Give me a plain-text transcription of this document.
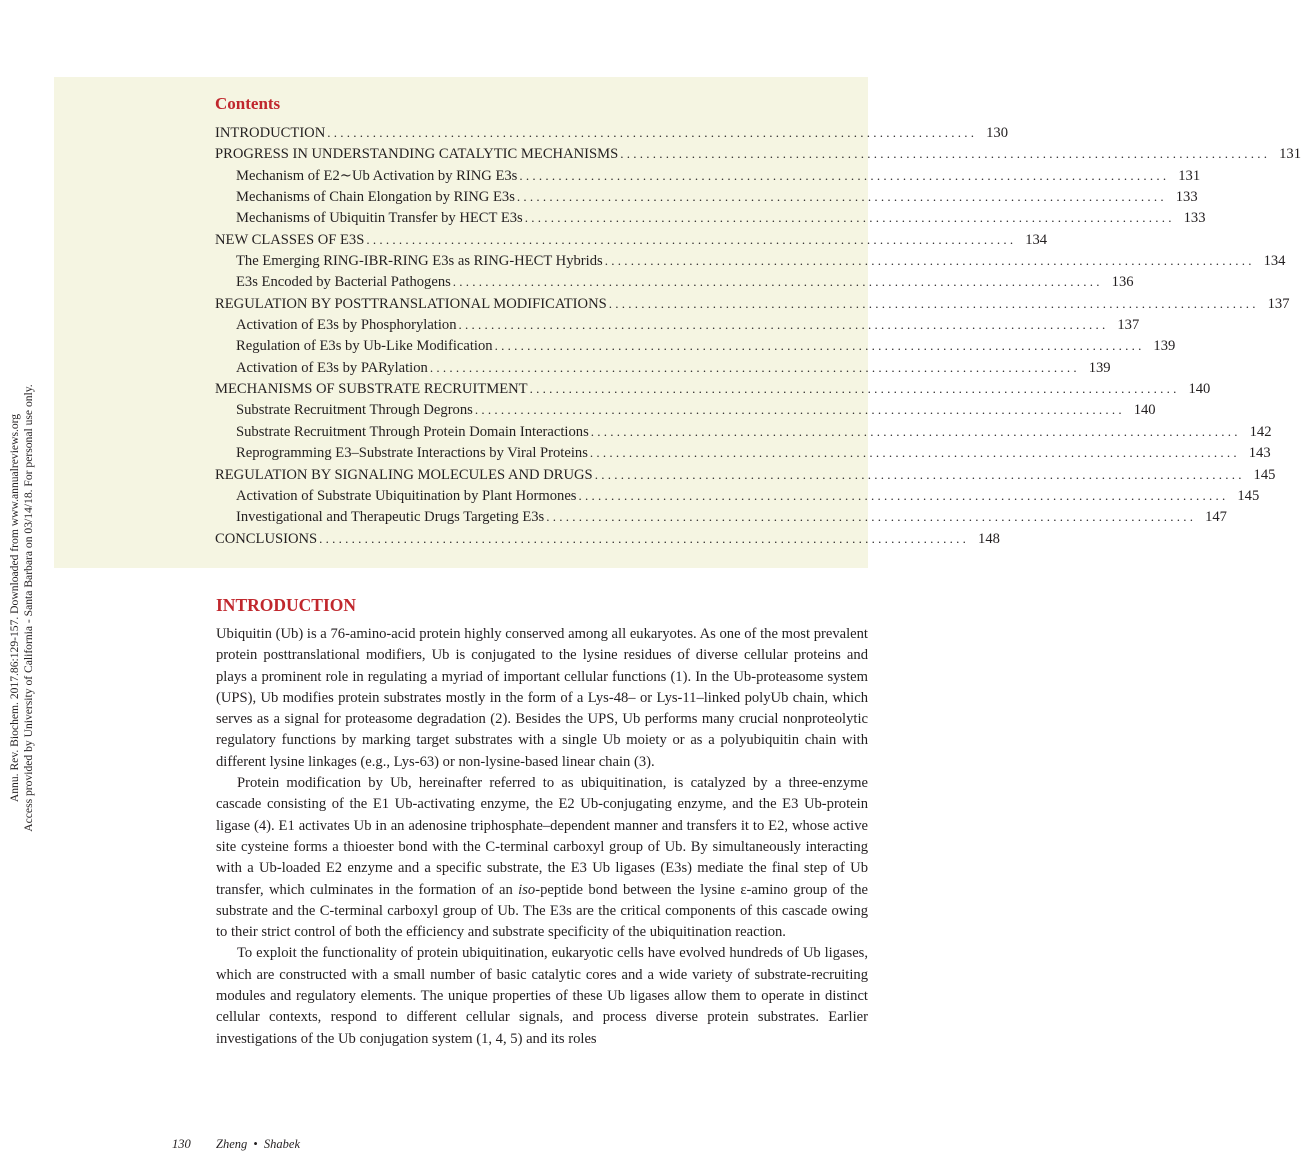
Annu. Rev. Biochem. 2017.86:129-157. Downloaded from www.annualreviews.org Access provided by University of California - Santa Barbara on 03/14/18. For personal use only.
Contents
INTRODUCTION . . .	130
PROGRESS IN UNDERSTANDING CATALYTIC MECHANISMS . . .	131
Mechanism of E2∼Ub Activation by RING E3s . . .	131
Mechanisms of Chain Elongation by RING E3s . . .	133
Mechanisms of Ubiquitin Transfer by HECT E3s . . .	133
NEW CLASSES OF E3S . . .	134
The Emerging RING-IBR-RING E3s as RING-HECT Hybrids . . .	134
E3s Encoded by Bacterial Pathogens . . .	136
REGULATION BY POSTTRANSLATIONAL MODIFICATIONS . . .	137
Activation of E3s by Phosphorylation . . .	137
Regulation of E3s by Ub-Like Modification . . .	139
Activation of E3s by PARylation . . .	139
MECHANISMS OF SUBSTRATE RECRUITMENT . . .	140
Substrate Recruitment Through Degrons . . .	140
Substrate Recruitment Through Protein Domain Interactions . . .	142
Reprogramming E3–Substrate Interactions by Viral Proteins . . .	143
REGULATION BY SIGNALING MOLECULES AND DRUGS . . .	145
Activation of Substrate Ubiquitination by Plant Hormones . . .	145
Investigational and Therapeutic Drugs Targeting E3s . . .	147
CONCLUSIONS . . .	148
INTRODUCTION

Ubiquitin (Ub) is a 76-amino-acid protein highly conserved among all eukaryotes. As one of the most prevalent protein posttranslational modifiers, Ub is conjugated to the lysine residues of diverse cellular proteins and plays a prominent role in regulating a myriad of important cellular functions (1). In the Ub-proteasome system (UPS), Ub modifies protein substrates mostly in the form of a Lys-48– or Lys-11–linked polyUb chain, which serves as a signal for proteasome degradation (2). Besides the UPS, Ub performs many crucial nonproteolytic regulatory functions by marking target substrates with a single Ub moiety or as a polyubiquitin chain with different lysine linkages (e.g., Lys-63) or non-lysine-based linear chain (3).

Protein modification by Ub, hereinafter referred to as ubiquitination, is catalyzed by a three-enzyme cascade consisting of the E1 Ub-activating enzyme, the E2 Ub-conjugating enzyme, and the E3 Ub-protein ligase (4). E1 activates Ub in an adenosine triphosphate–dependent manner and transfers it to E2, whose active site cysteine forms a thioester bond with the C-terminal carboxyl group of Ub. By simultaneously interacting with a Ub-loaded E2 enzyme and a specific substrate, the E3 Ub ligases (E3s) mediate the final step of Ub transfer, which culminates in the formation of an iso-peptide bond between the lysine ε-amino group of the substrate and the C-terminal carboxyl group of Ub. The E3s are the critical components of this cascade owing to their strict control of both the efficiency and substrate specificity of the ubiquitination reaction.

To exploit the functionality of protein ubiquitination, eukaryotic cells have evolved hundreds of Ub ligases, which are constructed with a small number of basic catalytic cores and a wide variety of substrate-recruiting modules and regulatory elements. The unique properties of these Ub ligases allow them to operate in distinct cellular contexts, respond to different cellular signals, and process diverse protein substrates. Earlier investigations of the Ub conjugation system (1, 4, 5) and its roles

130 Zheng • Shabek
